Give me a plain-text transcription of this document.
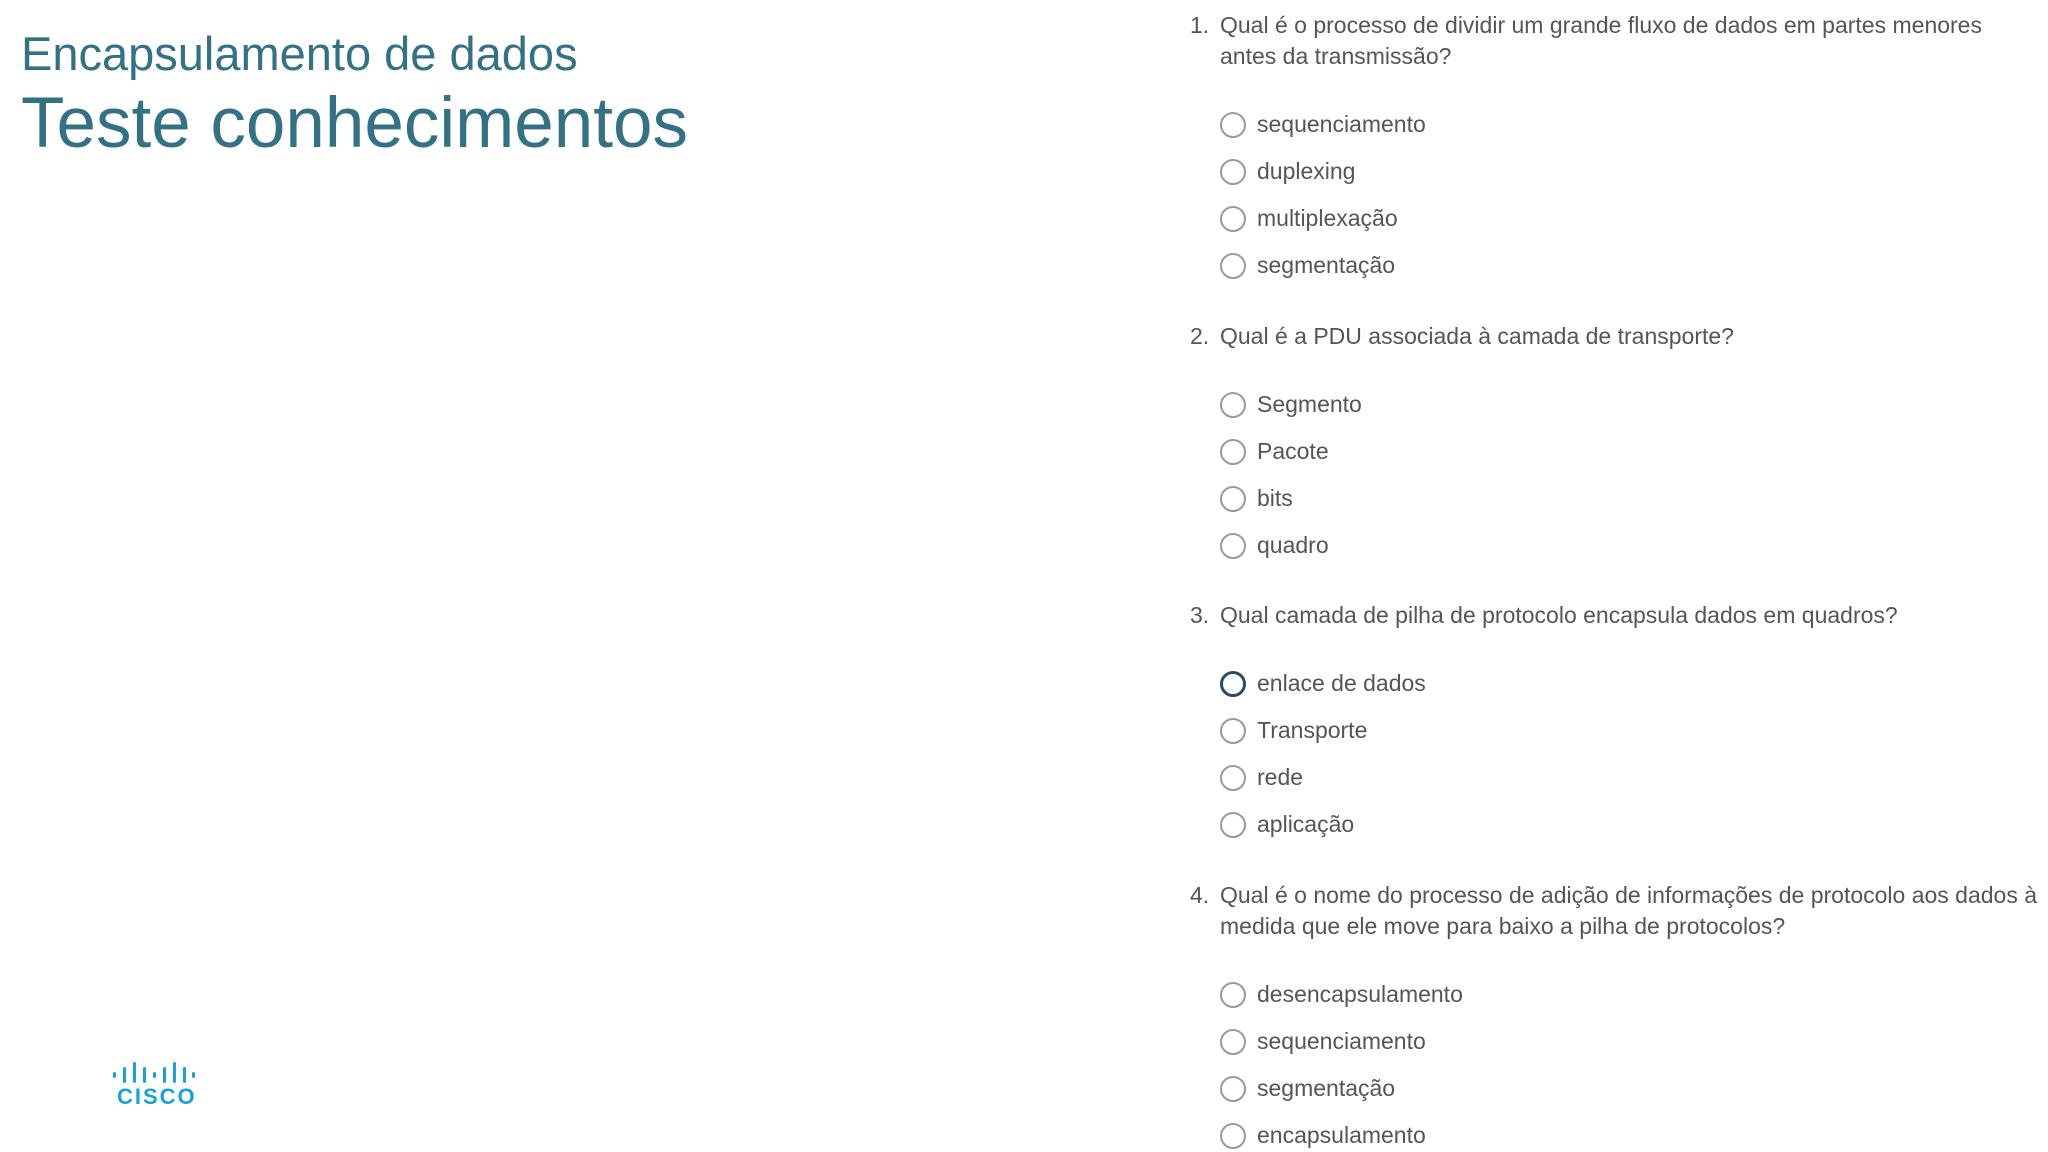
Encapsulamento de dados
Teste conhecimentos
CISCO
1. Qual é o processo de dividir um grande fluxo de dados em partes menores antes da transmissão?
sequenciamento
duplexing
multiplexação
segmentação
2. Qual é a PDU associada à camada de transporte?
Segmento
Pacote
bits
quadro
3. Qual camada de pilha de protocolo encapsula dados em quadros?
enlace de dados
Transporte
rede
aplicação
4. Qual é o nome do processo de adição de informações de protocolo aos dados à medida que ele move para baixo a pilha de protocolos?
desencapsulamento
sequenciamento
segmentação
encapsulamento
